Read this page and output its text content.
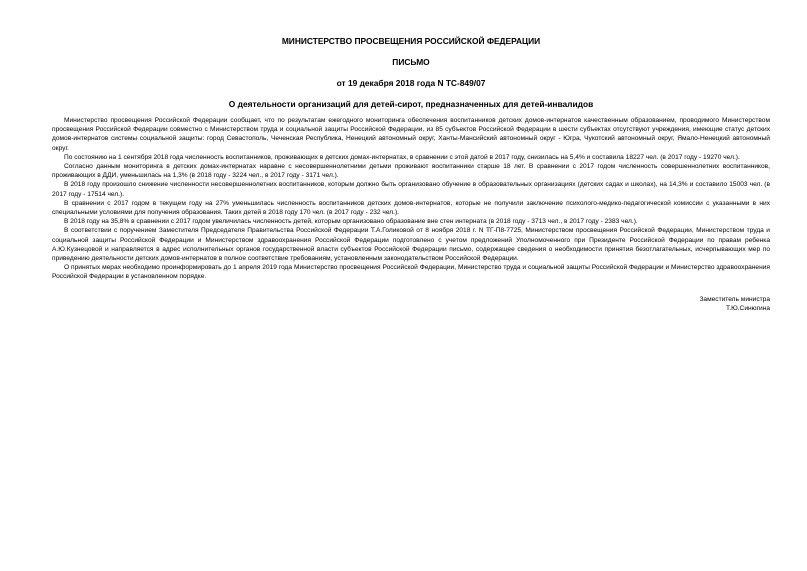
МИНИСТЕРСТВО ПРОСВЕЩЕНИЯ РОССИЙСКОЙ ФЕДЕРАЦИИ

ПИСЬМО

от 19 декабря 2018 года N ТС-849/07

О деятельности организаций для детей-сирот, предназначенных для детей-инвалидов

Министерство просвещения Российской Федерации сообщает, что по результатам ежегодного мониторинга обеспечения воспитанников детских домов-интернатов качественным образованием, проводимого Министерством просвещения Российской Федерации совместно с Министерством труда и социальной защиты Российской Федерации, из 85 субъектов Российской Федерации в шести субъектах отсутствуют учреждения, имеющие статус детских домов-интернатов системы социальной защиты: город Севастополь, Чеченская Республика, Ненецкий автономный округ, Ханты-Мансийский автономный округ - Югра, Чукотский автономный округ, Ямало-Ненецкий автономный округ.

По состоянию на 1 сентября 2018 года численность воспитанников, проживающих в детских домах-интернатах, в сравнении с этой датой в 2017 году, снизилась на 5,4% и составила 18227 чел. (в 2017 году - 19270 чел.).

Согласно данным мониторинга в детских домах-интернатах наравне с несовершеннолетними детьми проживают воспитанники старше 18 лет. В сравнении с 2017 годом численность совершеннолетних воспитанников, проживающих в ДДИ, уменьшилась на 1,3% (в 2018 году - 3224 чел., в 2017 году - 3171 чел.).

В 2018 году произошло снижение численности несовершеннолетних воспитанников, которым должно быть организовано обучение в образовательных организациях (детских садах и школах), на 14,3% и составило 15003 чел. (в 2017 году - 17514 чел.).

В сравнении с 2017 годом в текущем году на 27% уменьшилась численность воспитанников детских домов-интернатов, которые не получили заключение психолого-медико-педагогической комиссии с указанными в них специальными условиями для получения образования. Таких детей в 2018 году 170 чел. (в 2017 году - 232 чел.).

В 2018 году на 35,8% в сравнении с 2017 годом увеличилась численность детей, которым организовано образование вне стен интерната (в 2018 году - 3713 чел., в 2017 году - 2383 чел.).

В соответствии с поручением Заместителя Председателя Правительства Российской Федерации Т.А.Голиковой от 8 ноября 2018 г. N ТГ-П8-7725, Министерством просвещения Российской Федерации, Министерством труда и социальной защиты Российской Федерации и Министерством здравоохранения Российской Федерации подготовлено с учетом предложений Уполномоченного при Президенте Российской Федерации по правам ребенка А.Ю.Кузнецовой и направляется в адрес исполнительных органов государственной власти субъектов Российской Федерации письмо, содержащее сведения о необходимости принятия безотлагательных, исчерпывающих мер по приведению деятельности детских домов-интернатов в полное соответствие требованиям, установленным законодательством Российской Федерации.

О принятых мерах необходимо проинформировать до 1 апреля 2019 года Министерство просвещения Российской Федерации, Министерство труда и социальной защиты Российской Федерации и Министерство здравоохранения Российской Федерации в установленном порядке.

Заместитель министра

Т.Ю.Синюгина
